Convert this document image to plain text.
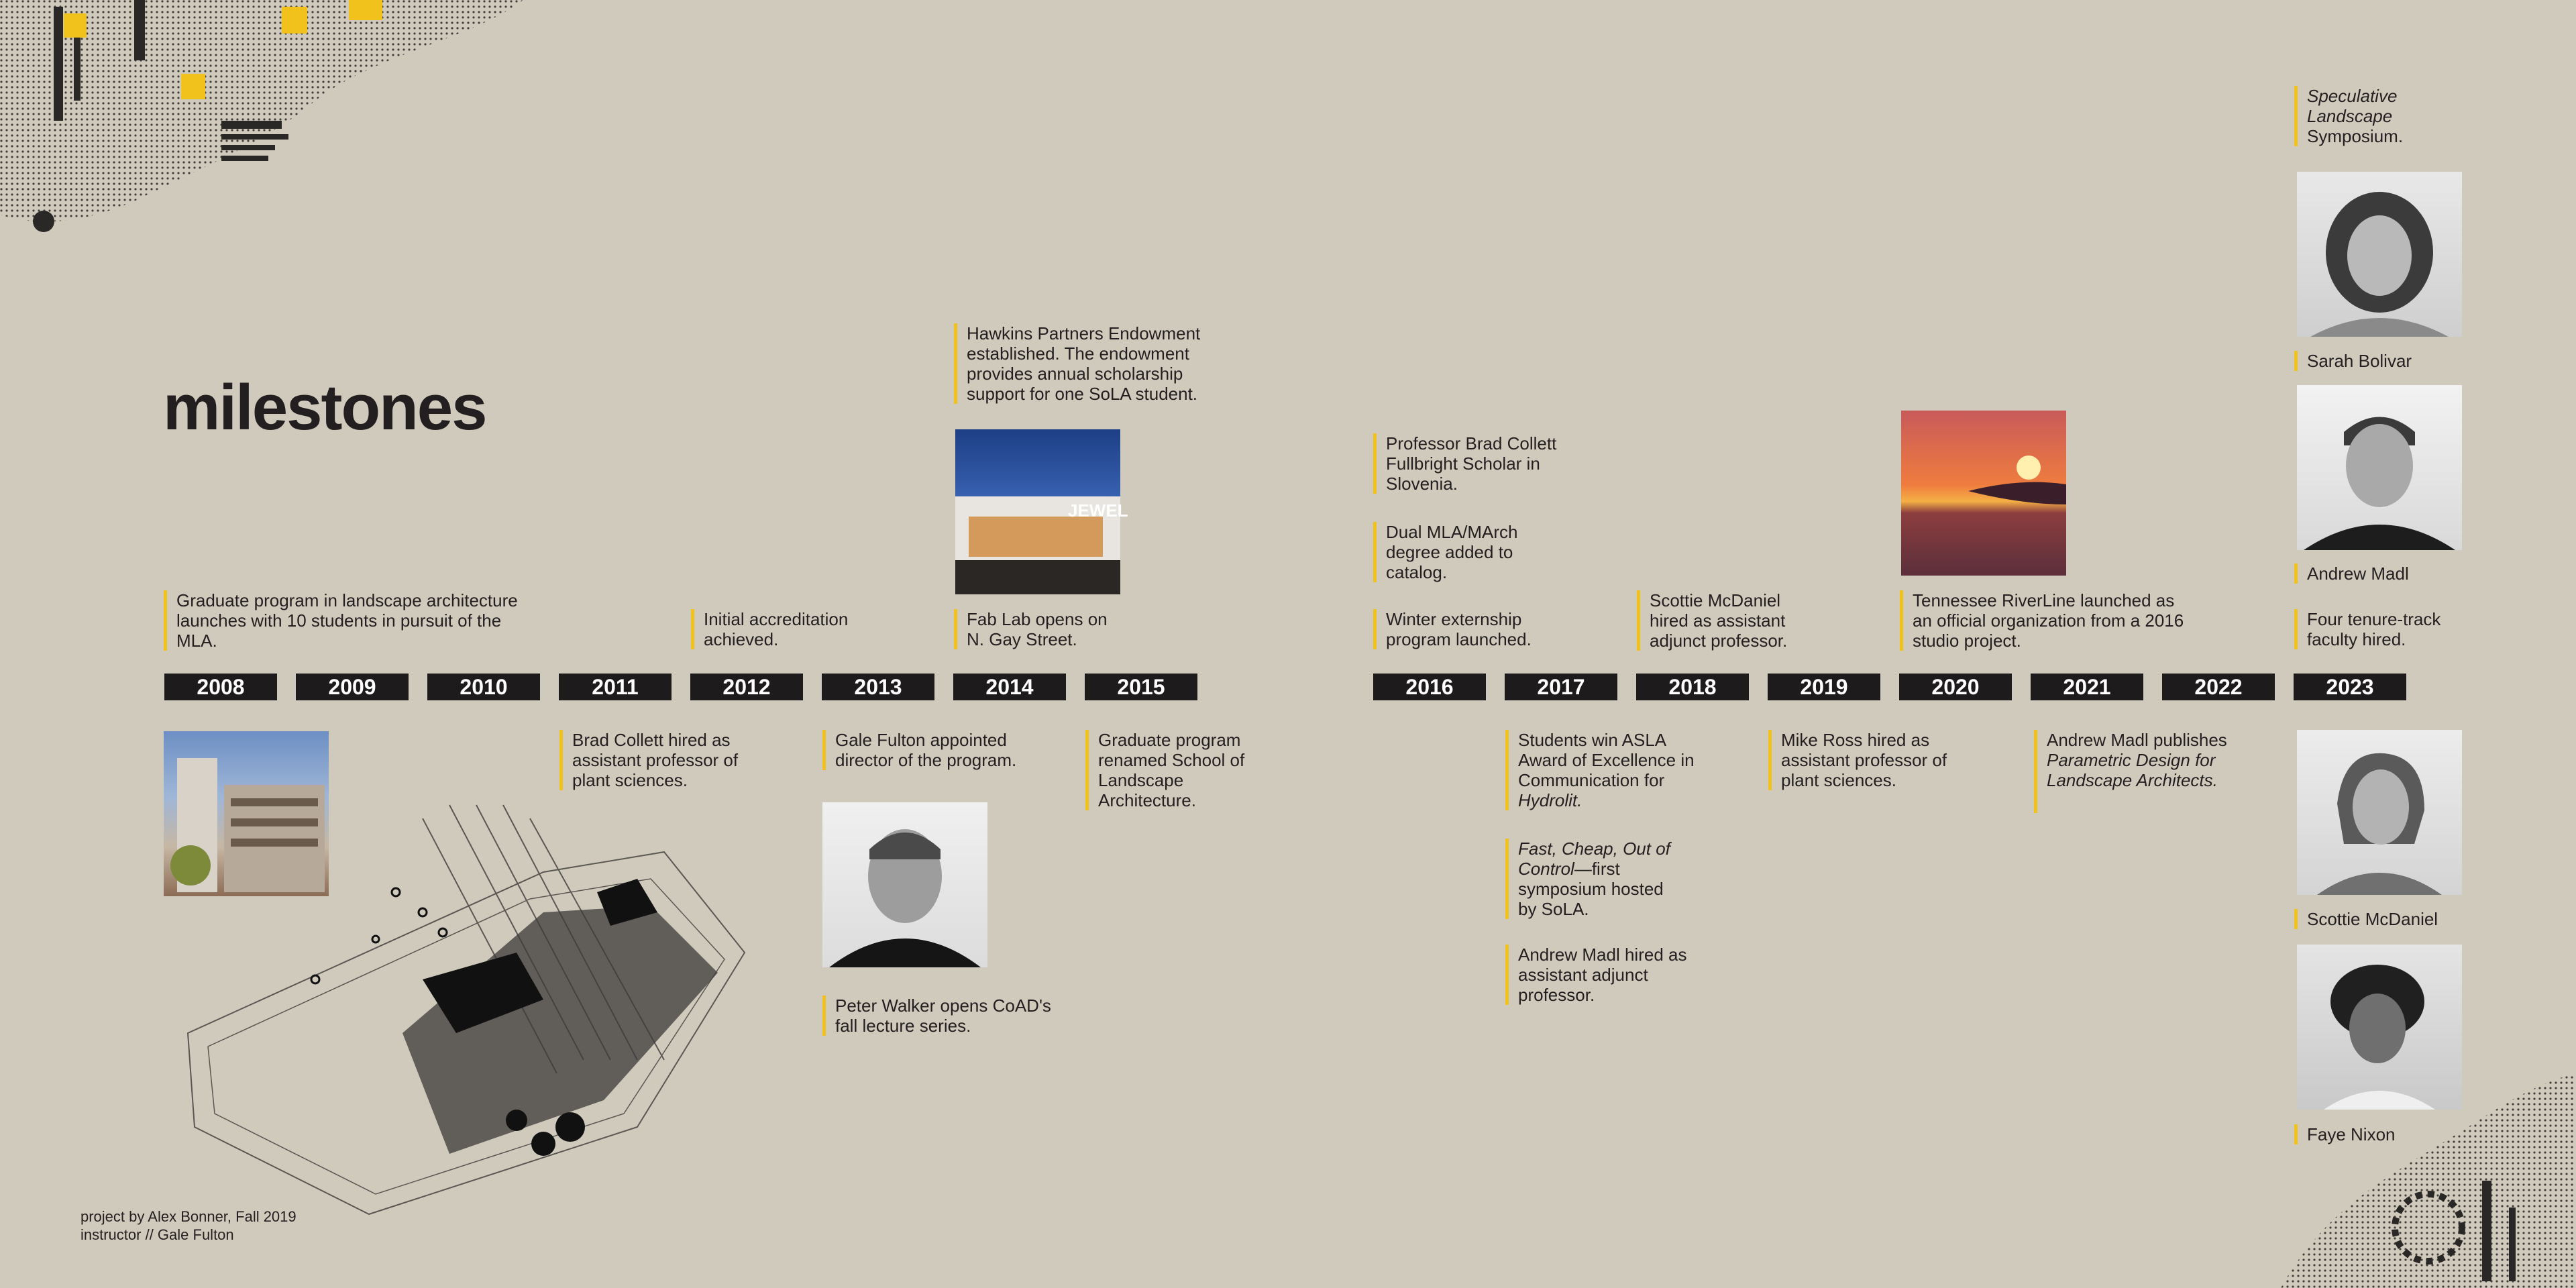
milestones
2008	2009	2010	2011	2012	2013	2014	2015	2016	2017	2018	2019	2020	2021	2022	2023
Graduate program in landscape architecture launches with 10 students in pursuit of the MLA.
Initial accreditation achieved.
Hawkins Partners Endowment established. The endowment provides annual scholarship support for one SoLA student.
Fab Lab opens on N. Gay Street.
Professor Brad Collett Fullbright Scholar in Slovenia.
Dual MLA/MArch degree added to catalog.
Winter externship program launched.
Scottie McDaniel hired as assistant adjunct professor.
Tennessee RiverLine launched as an official organization from a 2016 studio project.
Speculative Landscape Symposium.
Four tenure-track faculty hired.
Brad Collett hired as assistant professor of plant sciences.
Gale Fulton appointed director of the program.
Peter Walker opens CoAD's fall lecture series.
Graduate program renamed School of Landscape Architecture.
Students win ASLA Award of Excellence in Communication for Hydrolit.
Fast, Cheap, Out of Control—first symposium hosted by SoLA.
Andrew Madl hired as assistant adjunct professor.
Mike Ross hired as assistant professor of plant sciences.
Andrew Madl publishes Parametric Design for Landscape Architects.
JEWEL
Sarah Bolivar
Andrew Madl
Scottie McDaniel
Faye Nixon
project by Alex Bonner, Fall 2019
instructor // Gale Fulton
